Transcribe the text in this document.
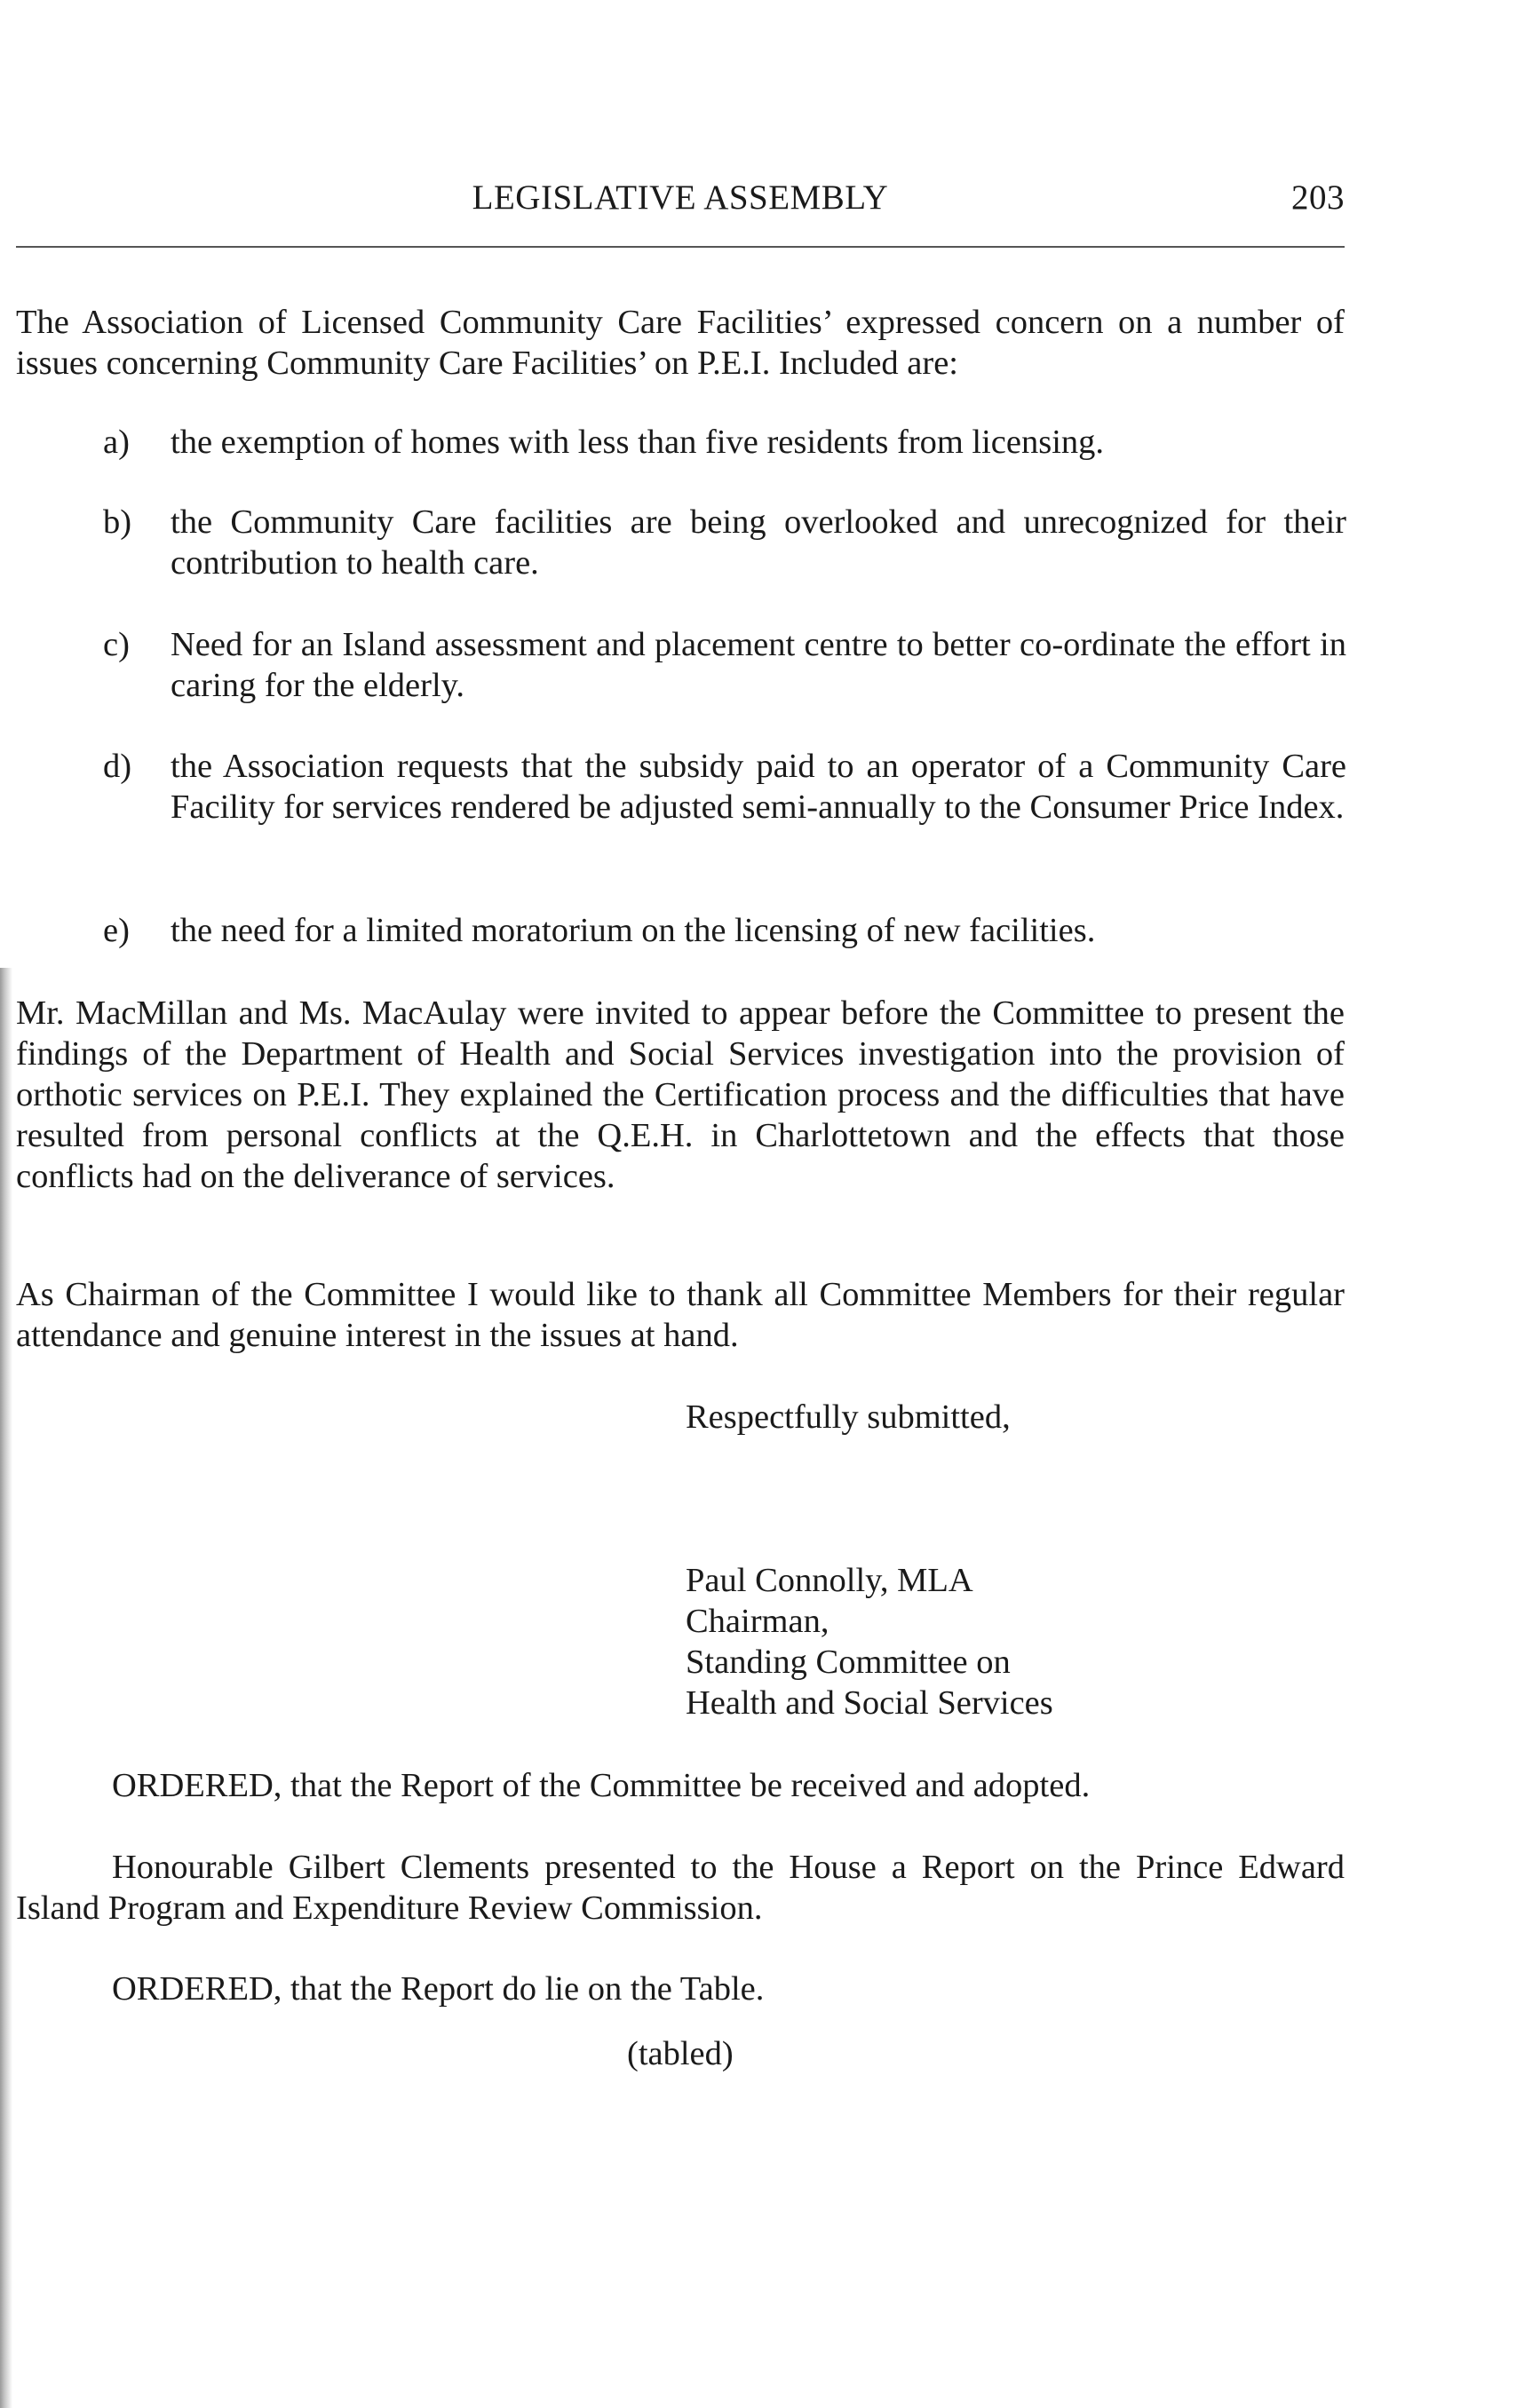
LEGISLATIVE ASSEMBLY	203

The Association of Licensed Community Care Facilities’ expressed concern on a number of issues concerning Community Care Facilities’ on P.E.I. Included are:

a)	the exemption of homes with less than five residents from licensing.
b)	the Community Care facilities are being overlooked and unrecognized for their contribution to health care.
c)	Need for an Island assessment and placement centre to better co-ordinate the effort in caring for the elderly.
d)	the Association requests that the subsidy paid to an operator of a Community Care Facility for services rendered be adjusted semi-annually to the Consumer Price Index.
e)	the need for a limited moratorium on the licensing of new facilities.

Mr. MacMillan and Ms. MacAulay were invited to appear before the Committee to present the findings of the Department of Health and Social Services investigation into the provision of orthotic services on P.E.I. They explained the Certification process and the difficulties that have resulted from personal conflicts at the Q.E.H. in Charlottetown and the effects that those conflicts had on the deliverance of services.

As Chairman of the Committee I would like to thank all Committee Members for their regular attendance and genuine interest in the issues at hand.

Respectfully submitted,

Paul Connolly, MLA
Chairman,
Standing Committee on
Health and Social Services

ORDERED, that the Report of the Committee be received and adopted.

Honourable Gilbert Clements presented to the House a Report on the Prince Edward Island Program and Expenditure Review Commission.

ORDERED, that the Report do lie on the Table.

(tabled)
